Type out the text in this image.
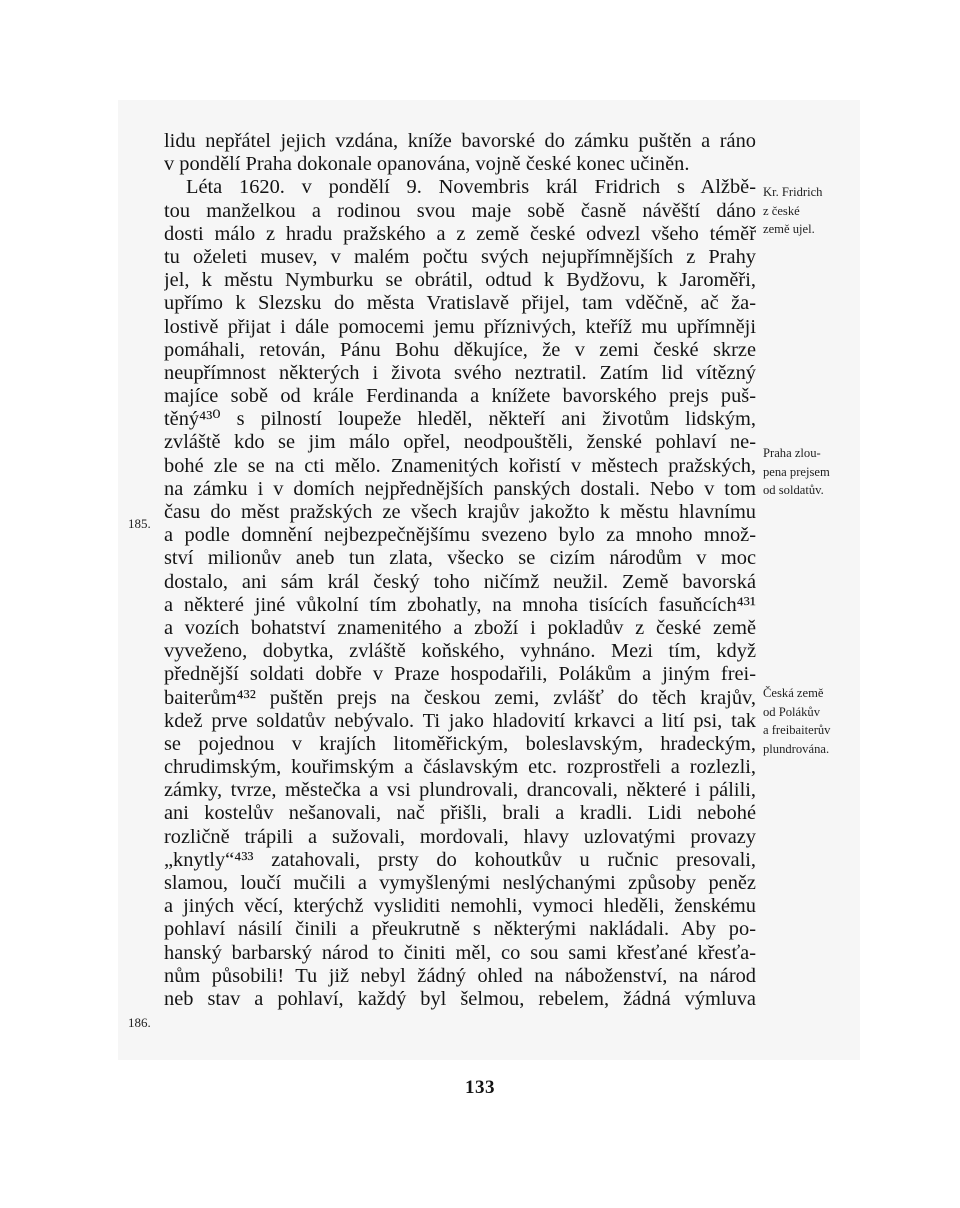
lidu nepřátel jejich vzdána, kníže bavorské do zámku puštěn a ráno
v pondělí Praha dokonale opanována, vojně české konec učiněn.
Léta 1620. v pondělí 9. Novembris král Fridrich s Alžbě-
tou manželkou a rodinou svou maje sobě časně návěští dáno
dosti málo z hradu pražského a z země české odvezl všeho téměř
tu oželeti musev, v malém počtu svých nejupřímnějších z Prahy
jel, k městu Nymburku se obrátil, odtud k Bydžovu, k Jaroměři,
upřímo k Slezsku do města Vratislavě přijel, tam vděčně, ač ža-
lostivě přijat i dále pomocemi jemu příznivých, kteříž mu upřímněji
pomáhali, retován, Pánu Bohu děkujíce, že v zemi české skrze
neupřímnost některých i života svého neztratil. Zatím lid vítězný
majíce sobě od krále Ferdinanda a knížete bavorského prejs puš-
těný⁴³⁰ s pilností loupeže hleděl, někteří ani životům lidským,
zvláště kdo se jim málo opřel, neodpouštěli, ženské pohlaví ne-
bohé zle se na cti mělo. Znamenitých kořistí v městech pražských,
na zámku i v domích nejpřednějších panských dostali. Nebo v tom
času do měst pražských ze všech krajův jakožto k městu hlavnímu
a podle domnění nejbezpečnějšímu svezeno bylo za mnoho množ-
ství milionův aneb tun zlata, všecko se cizím národům v moc
dostalo, ani sám král český toho ničímž neužil. Země bavorská
a některé jiné vůkolní tím zbohatly, na mnoha tisících fasuňcích⁴³¹
a vozích bohatství znamenitého a zboží i pokladův z české země
vyveženo, dobytka, zvláště koňského, vyhnáno. Mezi tím, když
přednější soldati dobře v Praze hospodařili, Polákům a jiným frei-
baiterům⁴³² puštěn prejs na českou zemi, zvlášť do těch krajův,
kdež prve soldatův nebývalo. Ti jako hladovití krkavci a lití psi, tak
se pojednou v krajích litoměřickým, boleslavským, hradeckým,
chrudimským, kouřimským a čáslavským etc. rozprostřeli a rozlezli,
zámky, tvrze, městečka a vsi plundrovali, drancovali, některé i pálili,
ani kostelův nešanovali, nač přišli, brali a kradli. Lidi nebohé
rozličně trápili a sužovali, mordovali, hlavy uzlovatými provazy
„knytly“⁴³³ zatahovali, prsty do kohoutkův u ručnic presovali,
slamou, loučí mučili a vymyšlenými neslýchanými způsoby peněz
a jiných věcí, kterýchž vysliditi nemohli, vymoci hleděli, ženskému
pohlaví násilí činili a přeukrutně s některými nakládali. Aby po-
hanský barbarský národ to činiti měl, co sou sami křesťané křesťa-
nům působili! Tu již nebyl žádný ohled na náboženství, na národ
neb stav a pohlaví, každý byl šelmou, rebelem, žádná výmluva
Kr. Fridrich
z české
země ujel.
Praha zlou-
pena prejsem
od soldatův.
Česká země
od Polákův
a freibaiterův
plundrována.
185.
186.
133
